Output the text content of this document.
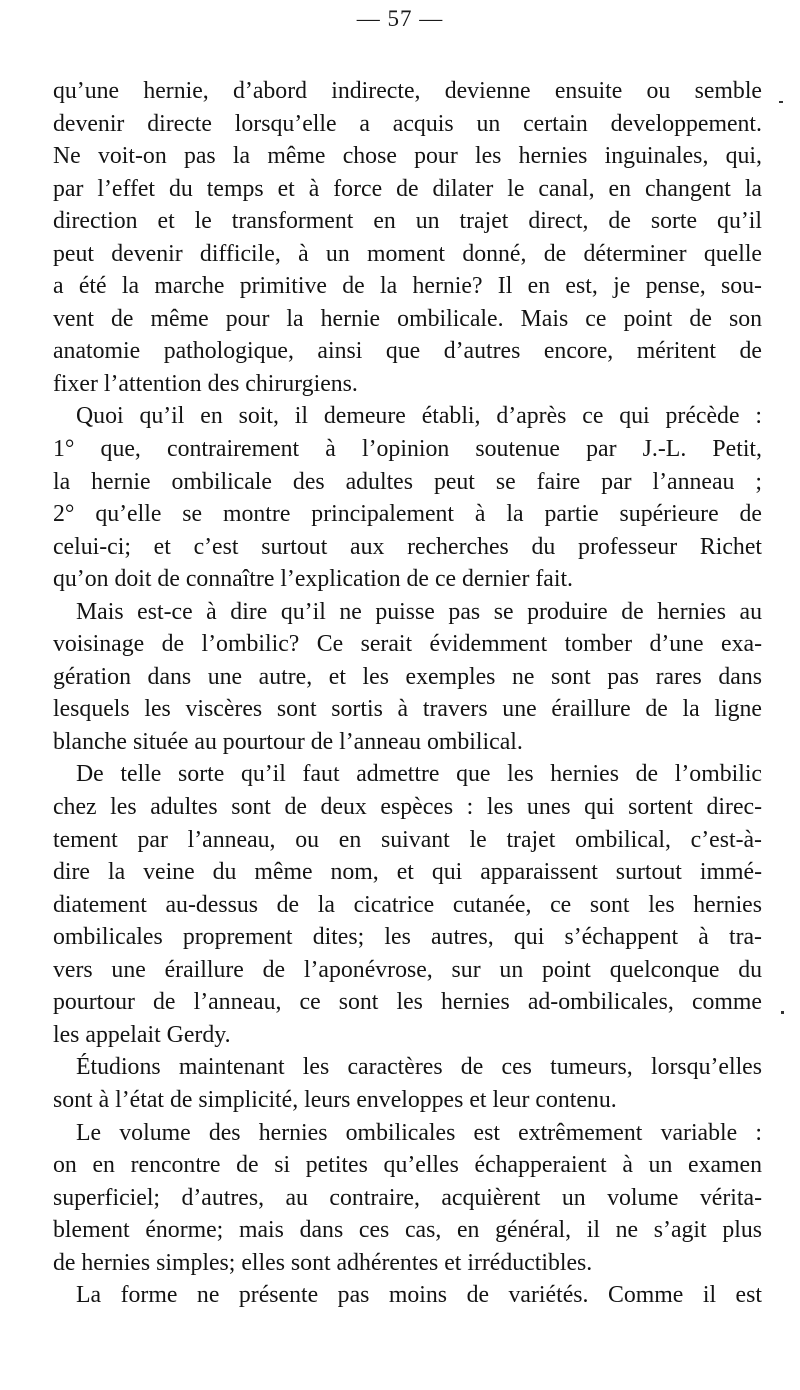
— 57 —
qu’une hernie, d’abord indirecte, devienne ensuite ou semble
devenir directe lorsqu’elle a acquis un certain developpement.
Ne voit-on pas la même chose pour les hernies inguinales, qui,
par l’effet du temps et à force de dilater le canal, en changent la
direction et le transforment en un trajet direct, de sorte qu’il
peut devenir difficile, à un moment donné, de déterminer quelle
a été la marche primitive de la hernie? Il en est, je pense, sou-
vent de même pour la hernie ombilicale. Mais ce point de son
anatomie pathologique, ainsi que d’autres encore, méritent de
fixer l’attention des chirurgiens.
Quoi qu’il en soit, il demeure établi, d’après ce qui précède :
1° que, contrairement à l’opinion soutenue par J.-L. Petit,
la hernie ombilicale des adultes peut se faire par l’anneau ;
2° qu’elle se montre principalement à la partie supérieure de
celui-ci; et c’est surtout aux recherches du professeur Richet
qu’on doit de connaître l’explication de ce dernier fait.
Mais est-ce à dire qu’il ne puisse pas se produire de hernies au
voisinage de l’ombilic? Ce serait évidemment tomber d’une exa-
gération dans une autre, et les exemples ne sont pas rares dans
lesquels les viscères sont sortis à travers une éraillure de la ligne
blanche située au pourtour de l’anneau ombilical.
De telle sorte qu’il faut admettre que les hernies de l’ombilic
chez les adultes sont de deux espèces : les unes qui sortent direc-
tement par l’anneau, ou en suivant le trajet ombilical, c’est-à-
dire la veine du même nom, et qui apparaissent surtout immé-
diatement au-dessus de la cicatrice cutanée, ce sont les hernies
ombilicales proprement dites; les autres, qui s’échappent à tra-
vers une éraillure de l’aponévrose, sur un point quelconque du
pourtour de l’anneau, ce sont les hernies ad-ombilicales, comme
les appelait Gerdy.
Étudions maintenant les caractères de ces tumeurs, lorsqu’elles
sont à l’état de simplicité, leurs enveloppes et leur contenu.
Le volume des hernies ombilicales est extrêmement variable :
on en rencontre de si petites qu’elles échapperaient à un examen
superficiel; d’autres, au contraire, acquièrent un volume vérita-
blement énorme; mais dans ces cas, en général, il ne s’agit plus
de hernies simples; elles sont adhérentes et irréductibles.
La forme ne présente pas moins de variétés. Comme il est
